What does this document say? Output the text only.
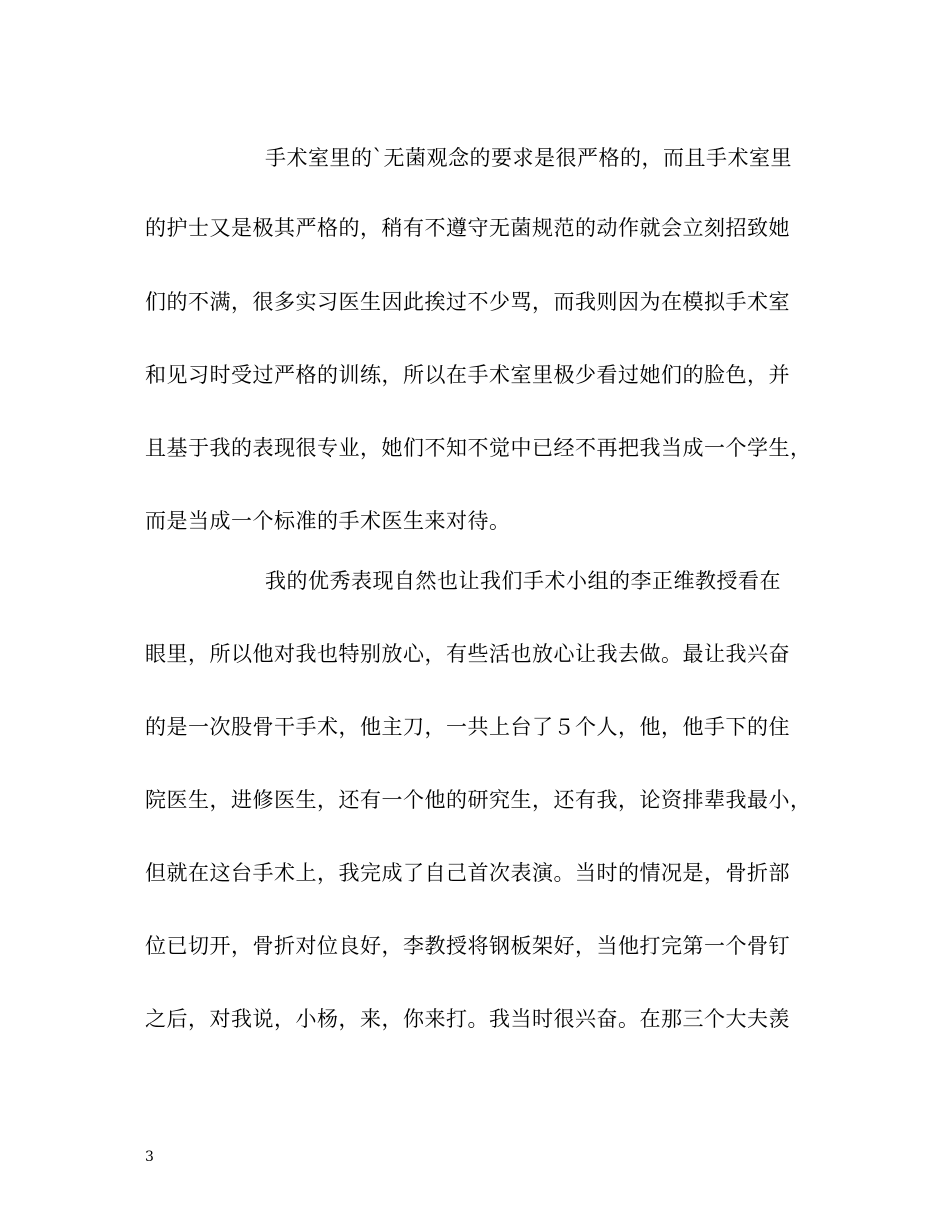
手术室里的`无菌观念的要求是很严格的，而且手术室里
的护士又是极其严格的，稍有不遵守无菌规范的动作就会立刻招致她
们的不满，很多实习医生因此挨过不少骂，而我则因为在模拟手术室
和见习时受过严格的训练，所以在手术室里极少看过她们的脸色，并
且基于我的表现很专业，她们不知不觉中已经不再把我当成一个学生，
而是当成一个标准的手术医生来对待。
我的优秀表现自然也让我们手术小组的李正维教授看在
眼里，所以他对我也特别放心，有些活也放心让我去做。最让我兴奋
的是一次股骨干手术，他主刀，一共上台了５个人，他，他手下的住
院医生，进修医生，还有一个他的研究生，还有我，论资排辈我最小，
但就在这台手术上，我完成了自己首次表演。当时的情况是，骨折部
位已切开，骨折对位良好，李教授将钢板架好，当他打完第一个骨钉
之后，对我说，小杨，来，你来打。我当时很兴奋。在那三个大夫羡
3
